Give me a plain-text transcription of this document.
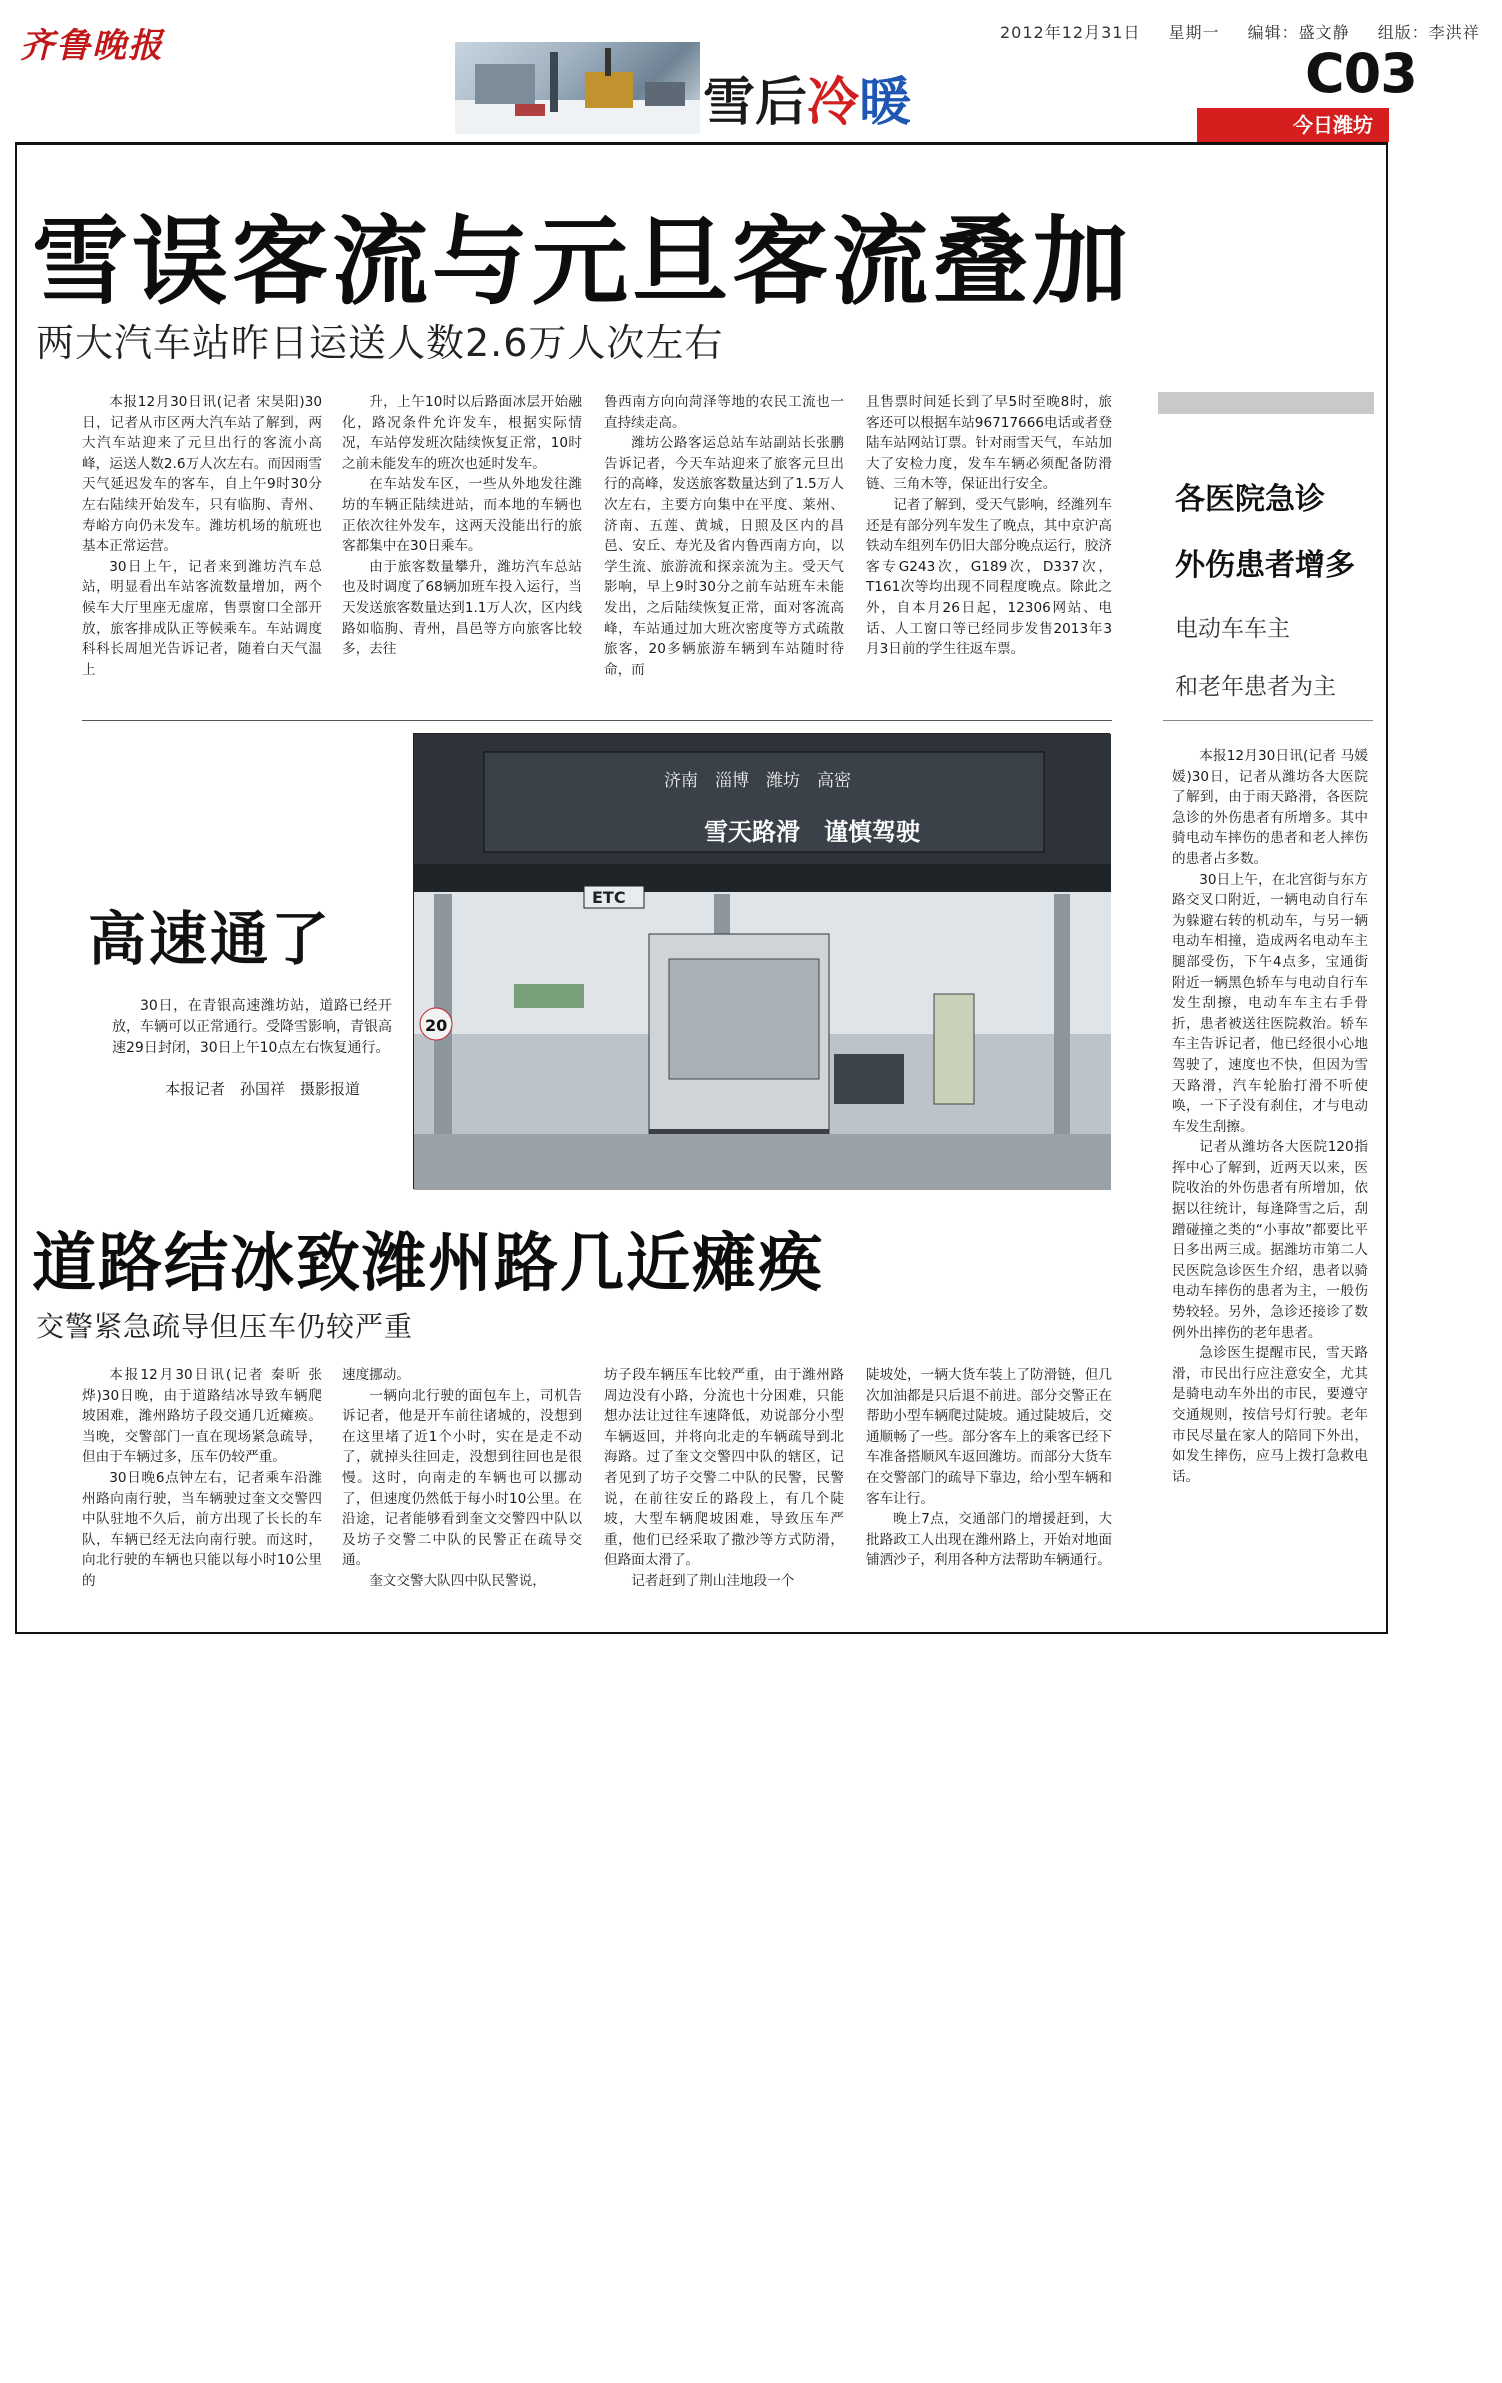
齐鲁晚报
雪后冷暖
2012年12月31日 星期一 编辑：盛文静 组版：李洪祥
C03
今日潍坊
雪误客流与元旦客流叠加
两大汽车站昨日运送人数2.6万人次左右

本报12月30日讯(记者 宋昊阳)30日，记者从市区两大汽车站了解到，两大汽车站迎来了元旦出行的客流小高峰，运送人数2.6万人次左右。而因雨雪天气延迟发车的客车，自上午9时30分左右陆续开始发车，只有临朐、青州、寿峪方向仍未发车。潍坊机场的航班也基本正常运营。

30日上午，记者来到潍坊汽车总站，明显看出车站客流数量增加，两个候车大厅里座无虚席，售票窗口全部开放，旅客排成队正等候乘车。车站调度科科长周旭光告诉记者，随着白天气温上

升，上午10时以后路面冰层开始融化，路况条件允许发车，根据实际情况，车站停发班次陆续恢复正常，10时之前未能发车的班次也延时发车。

在车站发车区，一些从外地发往潍坊的车辆正陆续进站，而本地的车辆也正依次往外发车，这两天没能出行的旅客都集中在30日乘车。

由于旅客数量攀升，潍坊汽车总站也及时调度了68辆加班车投入运行，当天发送旅客数量达到1.1万人次，区内线路如临朐、青州，昌邑等方向旅客比较多，去往

鲁西南方向向菏泽等地的农民工流也一直持续走高。

潍坊公路客运总站车站副站长张鹏告诉记者，今天车站迎来了旅客元旦出行的高峰，发送旅客数量达到了1.5万人次左右，主要方向集中在平度、莱州、济南、五莲、黄城，日照及区内的昌邑、安丘、寿光及省内鲁西南方向，以学生流、旅游流和探亲流为主。受天气影响，早上9时30分之前车站班车未能发出，之后陆续恢复正常，面对客流高峰，车站通过加大班次密度等方式疏散旅客，20多辆旅游车辆到车站随时待命，而

且售票时间延长到了早5时至晚8时，旅客还可以根据车站96717666电话或者登陆车站网站订票。针对雨雪天气，车站加大了安检力度，发车车辆必须配备防滑链、三角木等，保证出行安全。

记者了解到，受天气影响，经潍列车还是有部分列车发生了晚点，其中京沪高铁动车组列车仍旧大部分晚点运行，胶济客专G243次，G189次，D337次，T161次等均出现不同程度晚点。除此之外，自本月26日起，12306网站、电话、人工窗口等已经同步发售2013年3月3日前的学生往返车票。

各医院急诊
外伤患者增多
电动车车主
和老年患者为主

本报12月30日讯(记者 马媛媛)30日，记者从潍坊各大医院了解到，由于雨天路滑，各医院急诊的外伤患者有所增多。其中骑电动车摔伤的患者和老人摔伤的患者占多数。

30日上午，在北宫街与东方路交叉口附近，一辆电动自行车为躲避右转的机动车，与另一辆电动车相撞，造成两名电动车主腿部受伤，下午4点多，宝通街附近一辆黑色轿车与电动自行车发生刮擦，电动车车主右手骨折，患者被送往医院救治。轿车车主告诉记者，他已经很小心地驾驶了，速度也不快，但因为雪天路滑，汽车轮胎打滑不听使唤，一下子没有刹住，才与电动车发生刮擦。

记者从潍坊各大医院120指挥中心了解到，近两天以来，医院收治的外伤患者有所增加，依据以往统计，每逢降雪之后，刮蹭碰撞之类的“小事故”都要比平日多出两三成。据潍坊市第二人民医院急诊医生介绍，患者以骑电动车摔伤的患者为主，一般伤势较轻。另外，急诊还接诊了数例外出摔伤的老年患者。

急诊医生提醒市民，雪天路滑，市民出行应注意安全，尤其是骑电动车外出的市民，要遵守交通规则，按信号灯行驶。老年市民尽量在家人的陪同下外出，如发生摔伤，应马上拨打急救电话。

济南　淄博　潍坊　高密
雪天路滑　谨慎驾驶
ETC
20
高速通了

30日，在青银高速潍坊站，道路已经开放，车辆可以正常通行。受降雪影响，青银高速29日封闭，30日上午10点左右恢复通行。

本报记者　孙国祥　摄影报道
道路结冰致潍州路几近瘫痪
交警紧急疏导但压车仍较严重

本报12月30日讯(记者 秦昕 张烨)30日晚，由于道路结冰导致车辆爬坡困难，潍州路坊子段交通几近瘫痪。当晚，交警部门一直在现场紧急疏导，但由于车辆过多，压车仍较严重。

30日晚6点钟左右，记者乘车沿潍州路向南行驶，当车辆驶过奎文交警四中队驻地不久后，前方出现了长长的车队，车辆已经无法向南行驶。而这时，向北行驶的车辆也只能以每小时10公里的

速度挪动。

一辆向北行驶的面包车上，司机告诉记者，他是开车前往诸城的，没想到在这里堵了近1个小时，实在是走不动了，就掉头往回走，没想到往回也是很慢。这时，向南走的车辆也可以挪动了，但速度仍然低于每小时10公里。在沿途，记者能够看到奎文交警四中队以及坊子交警二中队的民警正在疏导交通。

奎文交警大队四中队民警说，

坊子段车辆压车比较严重，由于潍州路周边没有小路，分流也十分困难，只能想办法让过往车速降低，劝说部分小型车辆返回，并将向北走的车辆疏导到北海路。过了奎文交警四中队的辖区，记者见到了坊子交警二中队的民警，民警说，在前往安丘的路段上，有几个陡坡，大型车辆爬坡困难，导致压车严重，他们已经采取了撒沙等方式防滑，但路面太滑了。

记者赶到了荆山洼地段一个

陡坡处，一辆大货车装上了防滑链，但几次加油都是只后退不前进。部分交警正在帮助小型车辆爬过陡坡。通过陡坡后，交通顺畅了一些。部分客车上的乘客已经下车准备搭顺风车返回潍坊。而部分大货车在交警部门的疏导下靠边，给小型车辆和客车让行。

晚上7点，交通部门的增援赶到，大批路政工人出现在潍州路上，开始对地面铺洒沙子，利用各种方法帮助车辆通行。
